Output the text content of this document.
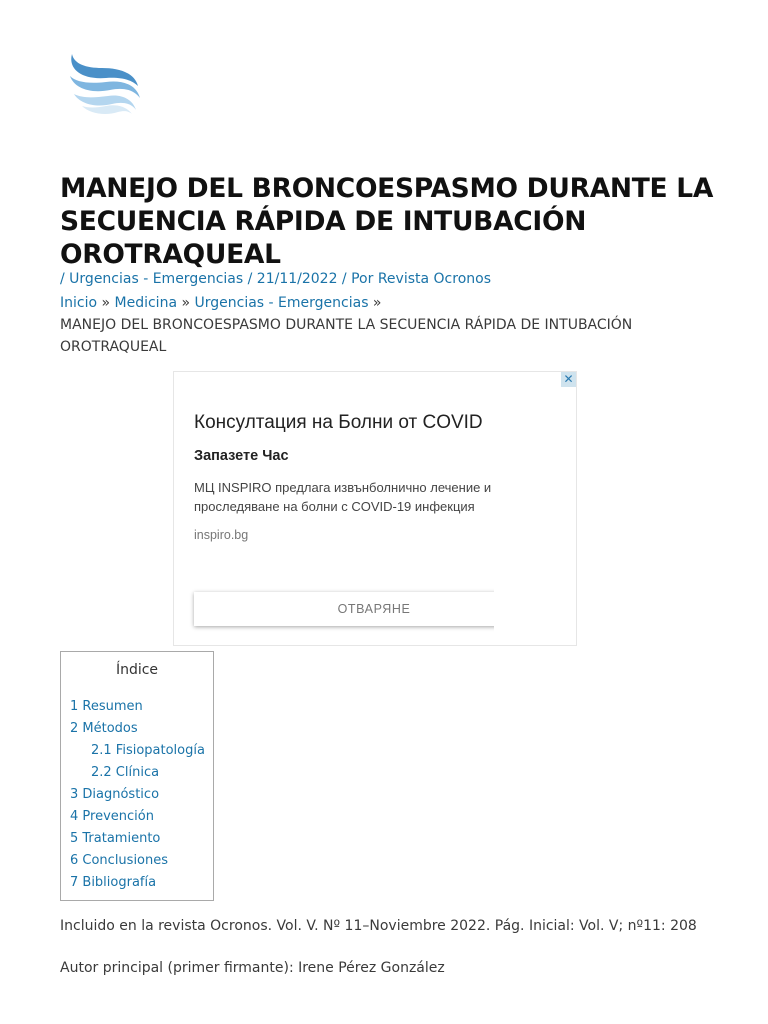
MANEJO DEL BRONCOESPASMO DURANTE LA SECUENCIA RÁPIDA DE INTUBACIÓN OROTRAQUEAL
/ Urgencias - Emergencias / 21/11/2022 / Por Revista Ocronos
Inicio » Medicina » Urgencias - Emergencias »
MANEJO DEL BRONCOESPASMO DURANTE LA SECUENCIA RÁPIDA DE INTUBACIÓN OROTRAQUEAL
Консултация на Болни от COVID
Запазете Час
МЦ INSPIRO предлага извънболнично лечение и проследяване на болни с COVID-19 инфекция
inspiro.bg
ОТВАРЯНЕ
✕
Índice
1 Resumen
2 Métodos
2.1 Fisiopatología
2.2 Clínica
3 Diagnóstico
4 Prevención
5 Tratamiento
6 Conclusiones
7 Bibliografía
Incluido en la revista Ocronos. Vol. V. Nº 11–Noviembre 2022. Pág. Inicial: Vol. V; nº11: 208
Autor principal (primer firmante): Irene Pérez González
